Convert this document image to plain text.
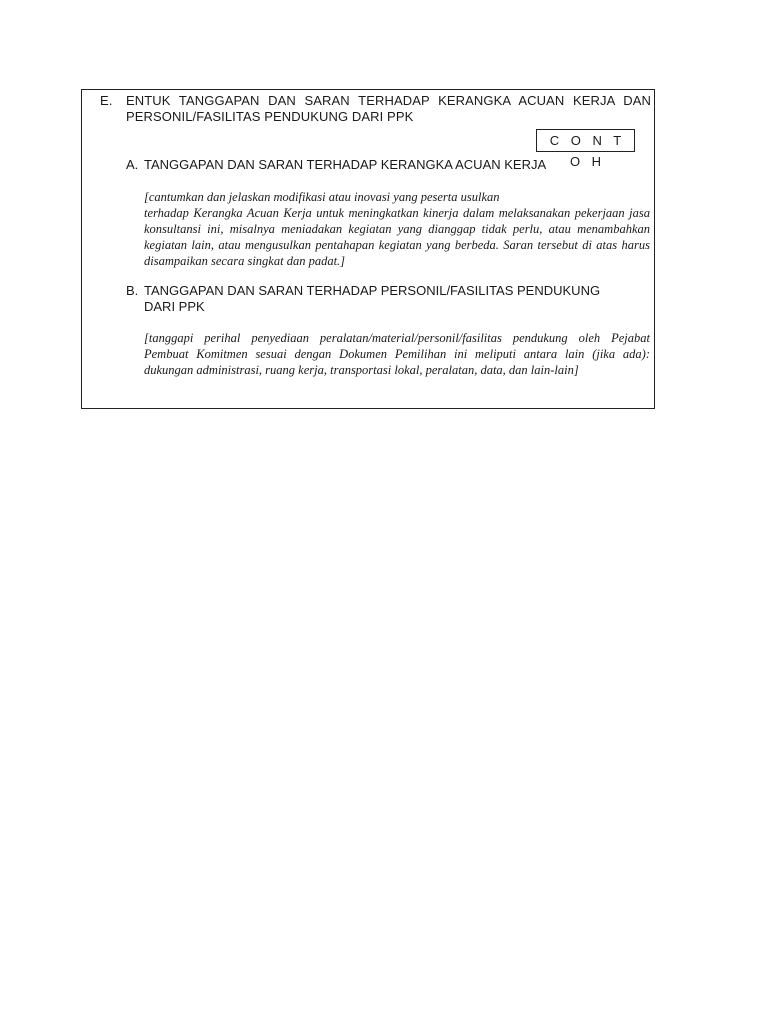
E. ENTUK TANGGAPAN DAN SARAN TERHADAP KERANGKA ACUAN KERJA DAN PERSONIL/FASILITAS PENDUKUNG DARI PPK
C O N T O H
A. TANGGAPAN DAN SARAN TERHADAP KERANGKA ACUAN KERJA
[cantumkan dan jelaskan modifikasi atau inovasi yang peserta usulkan
terhadap Kerangka Acuan Kerja untuk meningkatkan kinerja dalam melaksanakan pekerjaan jasa konsultansi ini, misalnya meniadakan kegiatan yang dianggap tidak perlu, atau menambahkan kegiatan lain, atau mengusulkan pentahapan kegiatan yang berbeda. Saran tersebut di atas harus disampaikan secara singkat dan padat.]
B. TANGGAPAN DAN SARAN TERHADAP PERSONIL/FASILITAS PENDUKUNG
DARI PPK
[tanggapi perihal penyediaan peralatan/material/personil/fasilitas pendukung oleh Pejabat Pembuat Komitmen sesuai dengan Dokumen Pemilihan ini meliputi antara lain (jika ada): dukungan administrasi, ruang kerja, transportasi lokal, peralatan, data, dan lain-lain]
